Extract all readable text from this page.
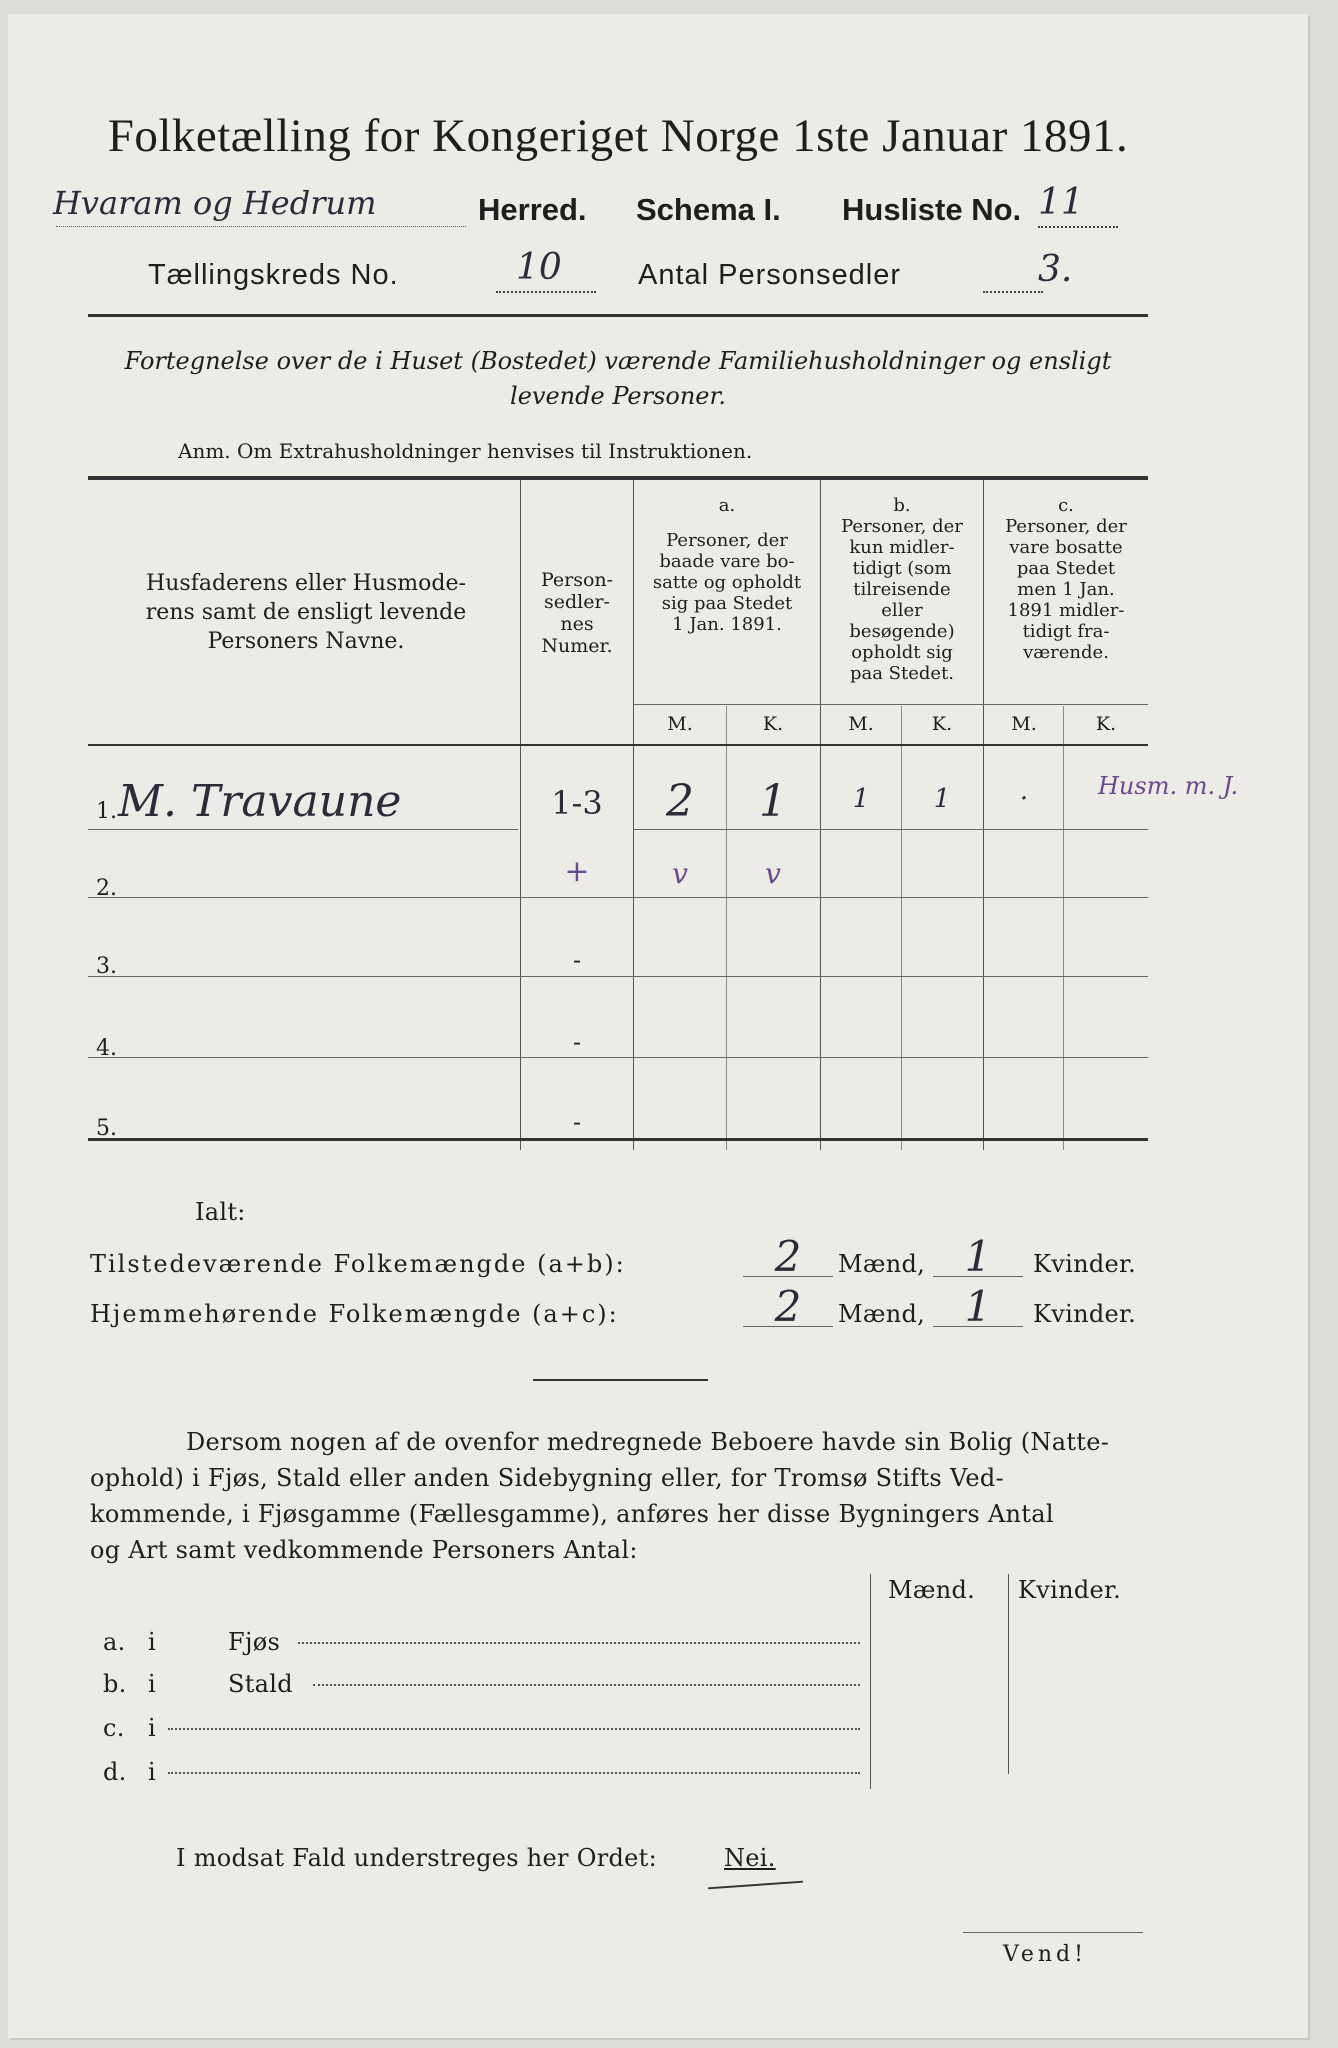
Folketælling for Kongeriget Norge 1ste Januar 1891.
Hvaram og Hedrum	Herred. Schema I. Husliste No. 11
Tællingskreds No.	10	Antal Personsedler	3.
Fortegnelse over de i Huset (Bostedet) værende Familiehusholdninger og ensligt
levende Personer.
Anm. Om Extrahusholdninger henvises til Instruktionen.
Husfaderens eller Husmode-
rens samt de ensligt levende
Personers Navne.
Person-
sedler-
nes
Numer.
a.
Personer, der
baade vare bo-
satte og opholdt
sig paa Stedet
1 Jan. 1891.
b.
Personer, der
kun midler-
tidigt (som
tilreisende
eller
besøgende)
opholdt sig
paa Stedet.
c.
Personer, der
vare bosatte
paa Stedet
men 1 Jan.
1891 midler-
tidigt fra-
værende.
M.	K.	M.	K.	M.	K.
1. M. Travaune	1-3	2	1	1	1	·	Husm. m. J.
2.	+	v	v
3.	-
4.	-
5.	-
Ialt:
Tilstedeværende Folkemængde (a+b):	2	Mænd, 1	Kvinder.
Hjemmehørende Folkemængde (a+c):	2	Mænd, 1	Kvinder.
Dersom nogen af de ovenfor medregnede Beboere havde sin Bolig (Natte-
ophold) i Fjøs, Stald eller anden Sidebygning eller, for Tromsø Stifts Ved-
kommende, i Fjøsgamme (Fællesgamme), anføres her disse Bygningers Antal
og Art samt vedkommende Personers Antal:
Mænd. Kvinder.
a. i	Fjøs
b. i	Stald
c. i
d. i
I modsat Fald understreges her Ordet:	Nei.
Vend!
